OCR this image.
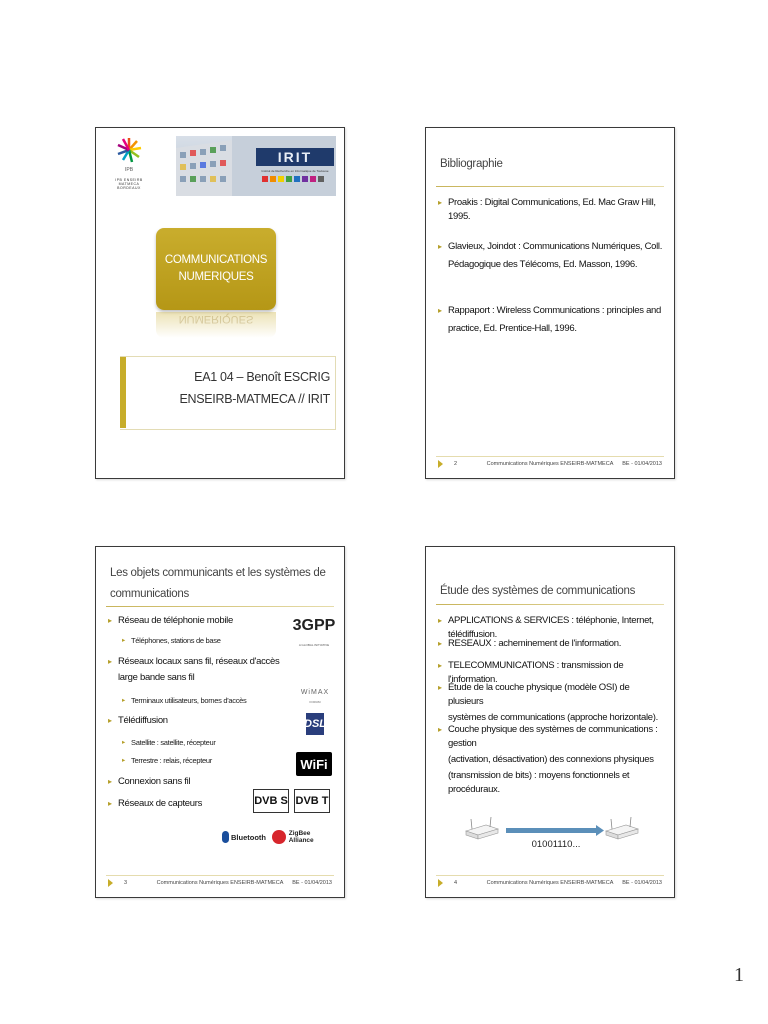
IPB
IPB ENSEIRB MATMECA BORDEAUX
IRIT
Institut de Recherche en Informatique de Toulouse
COMMUNICATIONS
NUMERIQUES
NUMERIQUES
EA1 04 – Benoît ESCRIG
ENSEIRB-MATMECA // IRIT
Bibliographie
▸ Proakis : Digital Communications, Ed. Mac Graw Hill, 1995.
▸ Glavieux, Joindot : Communications Numériques, Coll.
Pédagogique des Télécoms, Ed. Masson, 1996.
▸ Rappaport : Wireless Communications : principles and
practice, Ed. Prentice-Hall, 1996.
2	Communications Numériques ENSEIRB-MATMECA	BE - 01/04/2013
Les objets communicants et les systèmes de
communications
▸ Réseau de téléphonie mobile
▸ Téléphones, stations de base
▸ Réseaux locaux sans fil, réseaux d'accès
large bande sans fil
▸ Terminaux utilisateurs, bornes d'accès
▸ Télédiffusion
▸ Satellite : satellite, récepteur
▸ Terrestre : relais, récepteur
▸ Connexion sans fil
▸ Réseaux de capteurs
3GPP
A GLOBAL INITIATIVE
WiMAX
FORUM
DSL
WiFi
DVB S DVB T
Bluetooth	ZigBee Alliance
3	Communications Numériques ENSEIRB-MATMECA	BE - 01/04/2013
Étude des systèmes de communications
▸ APPLICATIONS & SERVICES : téléphonie, Internet, télédiffusion.
▸ RESEAUX : acheminement de l'information.
▸ TELECOMMUNICATIONS : transmission de l'information.
▸ Étude de la couche physique (modèle OSI) de plusieurs
systèmes de communications (approche horizontale).
▸ Couche physique des systèmes de communications : gestion
(activation, désactivation) des connexions physiques
(transmission de bits) : moyens fonctionnels et procéduraux.
01001110...
4	Communications Numériques ENSEIRB-MATMECA	BE - 01/04/2013
1
